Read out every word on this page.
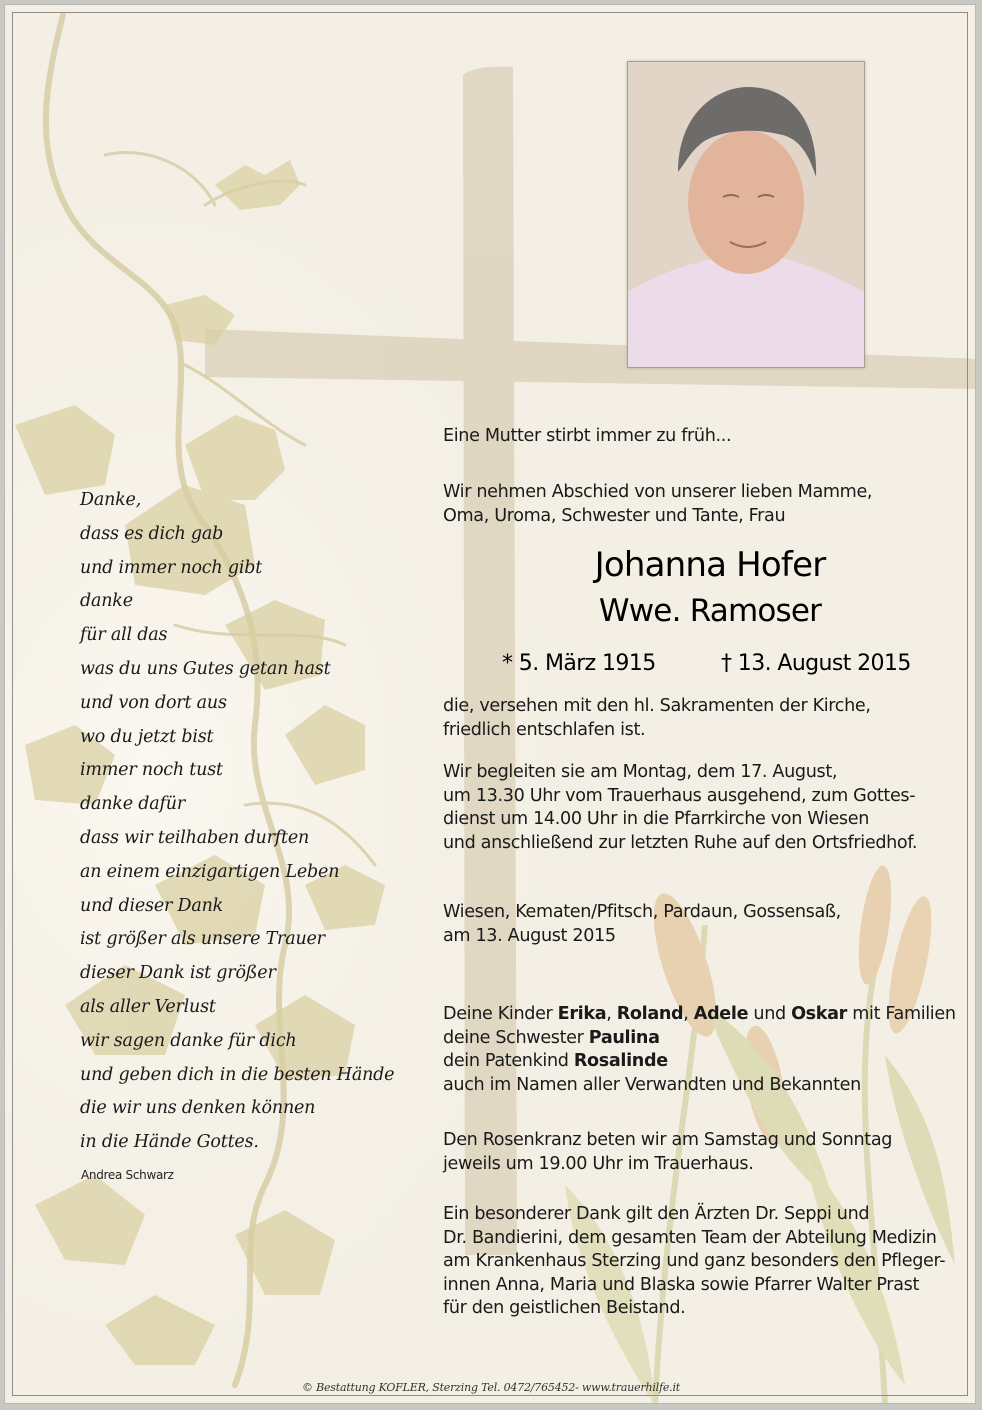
Danke,
dass es dich gab
und immer noch gibt
danke
für all das
was du uns Gutes getan hast
und von dort aus
wo du jetzt bist
immer noch tust
danke dafür
dass wir teilhaben durften
an einem einzigartigen Leben
und dieser Dank
ist größer als unsere Trauer
dieser Dank ist größer
als aller Verlust
wir sagen danke für dich
und geben dich in die besten Hände
die wir uns denken können
in die Hände Gottes.
Andrea Schwarz
Eine Mutter stirbt immer zu früh...
Wir nehmen Abschied von unserer lieben Mamme,
Oma, Uroma, Schwester und Tante, Frau
Johanna Hofer
Wwe. Ramoser
* 5. März 1915	† 13. August 2015
die, versehen mit den hl. Sakramenten der Kirche,
friedlich entschlafen ist.
Wir begleiten sie am Montag, dem 17. August,
um 13.30 Uhr vom Trauerhaus ausgehend, zum Gottes-
dienst um 14.00 Uhr in die Pfarrkirche von Wiesen
und anschließend zur letzten Ruhe auf den Ortsfriedhof.
Wiesen, Kematen/Pfitsch, Pardaun, Gossensaß,
am 13. August 2015
Deine Kinder Erika, Roland, Adele und Oskar mit Familien
deine Schwester Paulina
dein Patenkind Rosalinde
auch im Namen aller Verwandten und Bekannten
Den Rosenkranz beten wir am Samstag und Sonntag
jeweils um 19.00 Uhr im Trauerhaus.
Ein besonderer Dank gilt den Ärzten Dr. Seppi und
Dr. Bandierini, dem gesamten Team der Abteilung Medizin
am Krankenhaus Sterzing und ganz besonders den Pfleger-
innen Anna, Maria und Blaska sowie Pfarrer Walter Prast
für den geistlichen Beistand.
© Bestattung KOFLER, Sterzing Tel. 0472/765452- www.trauerhilfe.it
